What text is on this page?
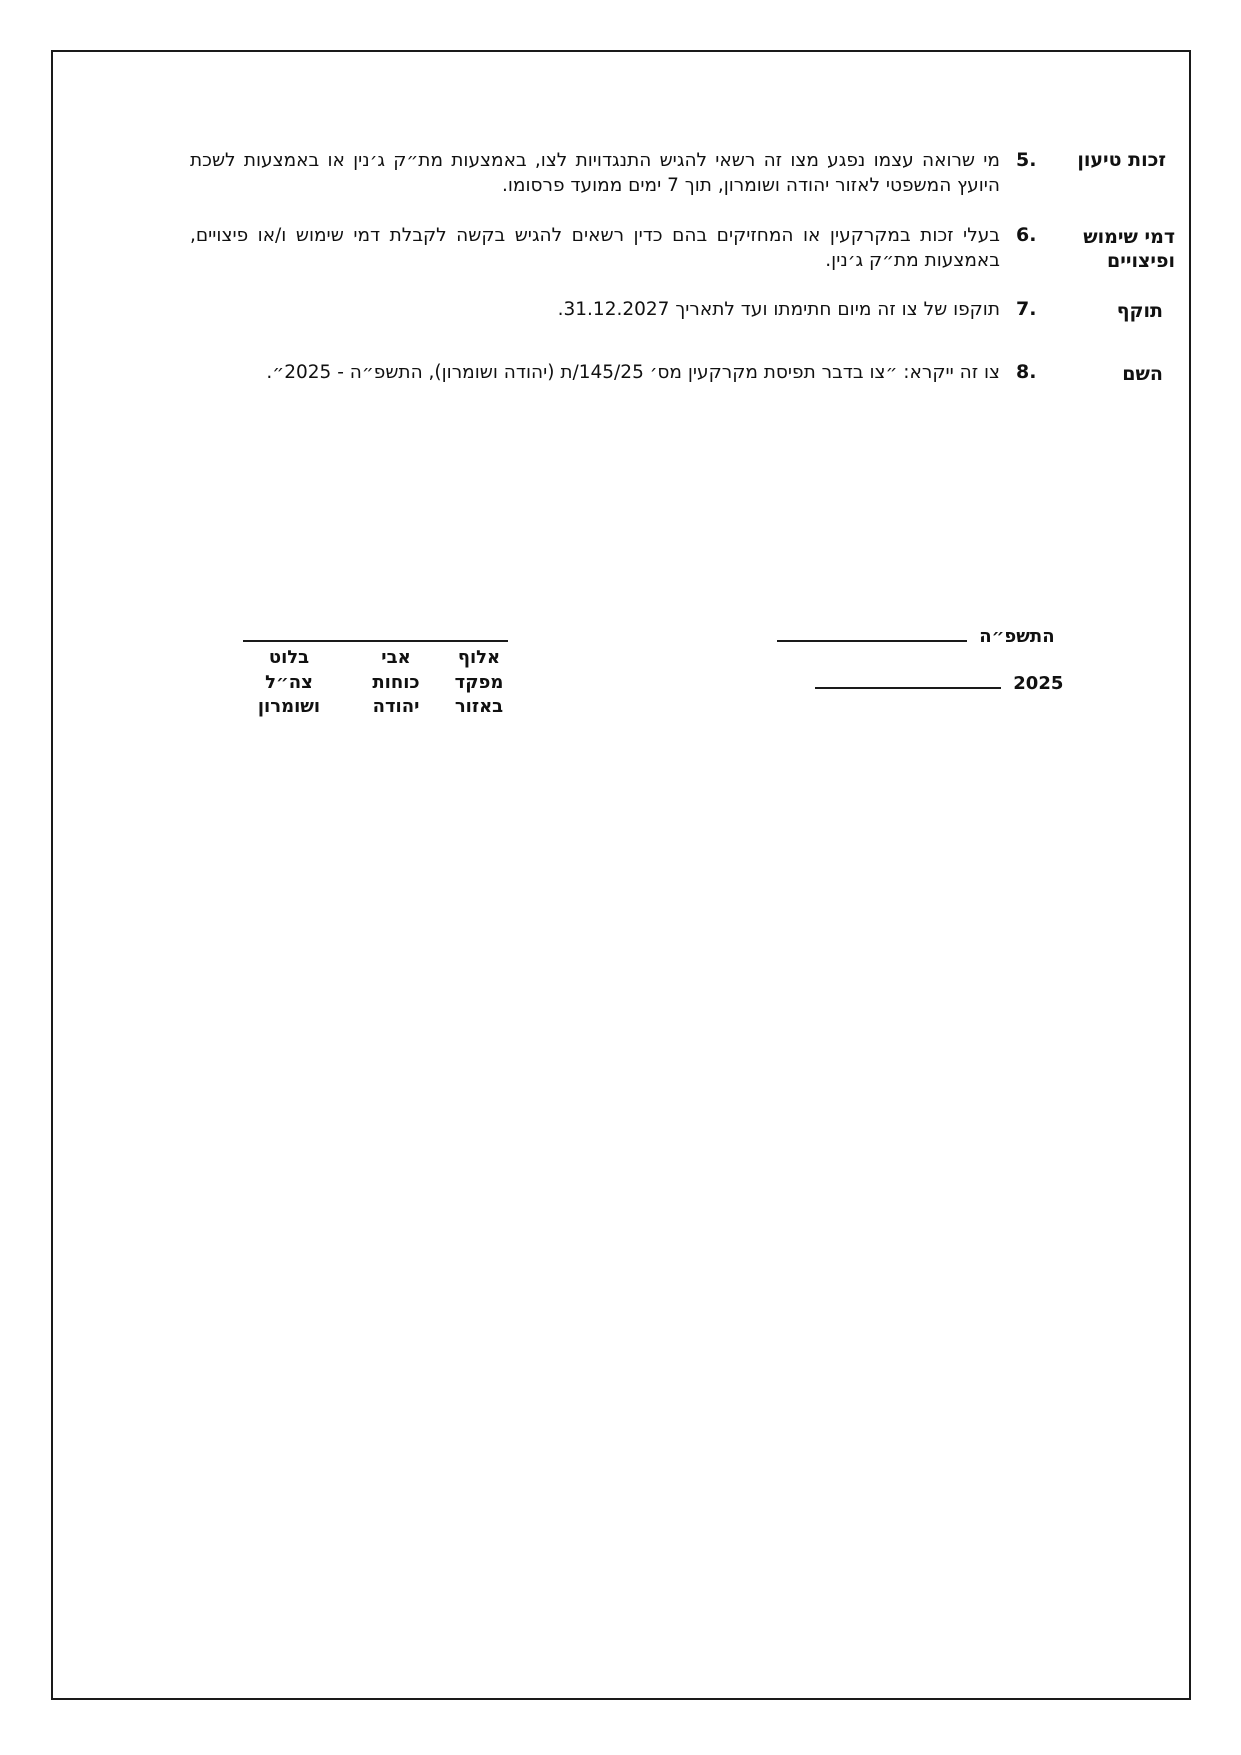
זכות טיעון
5.
מי שרואה עצמו נפגע מצו זה רשאי להגיש התנגדויות לצו, באמצעות מת״ק ג׳נין או באמצעות לשכת היועץ המשפטי לאזור יהודה ושומרון, תוך 7 ימים ממועד פרסומו.
דמי שימוש ופיצויים
6.
בעלי זכות במקרקעין או המחזיקים בהם כדין רשאים להגיש בקשה לקבלת דמי שימוש ו/או פיצויים, באמצעות מת״ק ג׳נין.
תוקף
7.
תוקפו של צו זה מיום חתימתו ועד לתאריך 31.12.2027.
השם
8.
צו זה ייקרא: ״צו בדבר תפיסת מקרקעין מס׳ 145/25/ת (יהודה ושומרון), התשפ״ה - 2025״.
התשפ״ה
2025
אלוף
מפקד
באזור
אבי
כוחות
יהודה
בלוט
צה״ל
ושומרון
